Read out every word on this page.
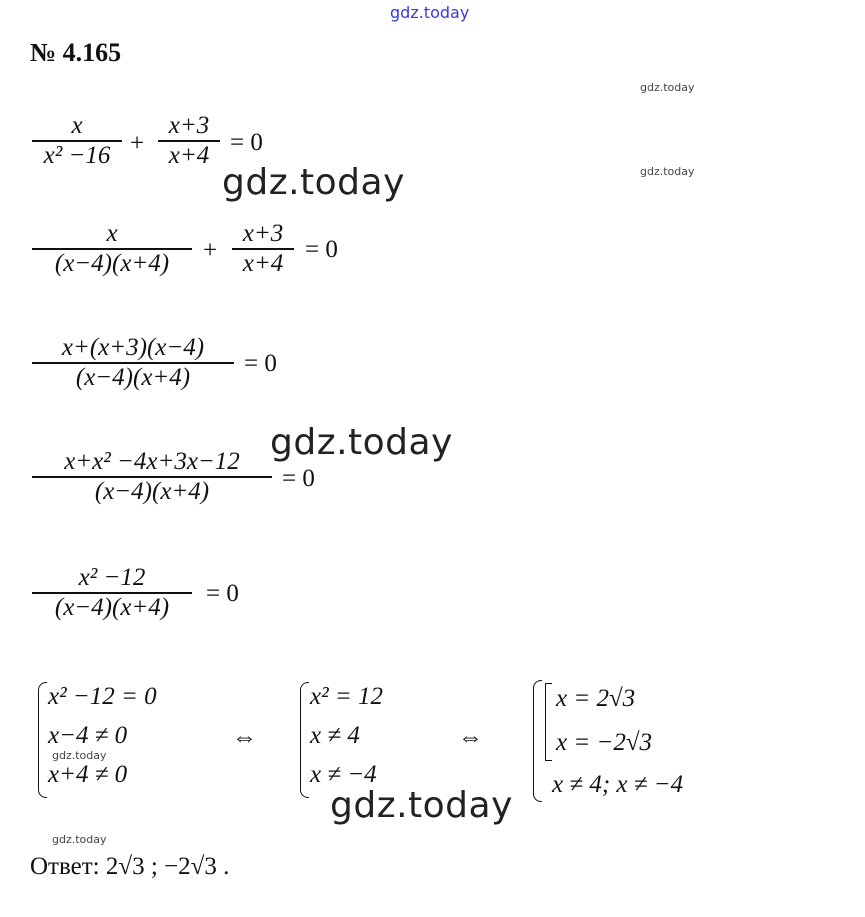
gdz.today
gdz.today
gdz.today
gdz.today
gdz.today
gdz.today
gdz.today
gdz.today
№ 4.165
x
x² −16 +
x+3
x+4 = 0
x
(x−4)(x+4)	+
x+3
x+4 = 0
x+(x+3)(x−4)
(x−4)(x+4)	= 0
x+x² −4x+3x−12
(x−4)(x+4)	= 0
x² −12
(x−4)(x+4)	= 0
x² −12 = 0
x−4 ≠ 0
x+4 ≠ 0
⇔
x² = 12
x ≠ 4
x ≠ −4
⇔
x = 2√3
x = −2√3
x ≠ 4; x ≠ −4
Ответ: 2√3 ; −2√3 .
